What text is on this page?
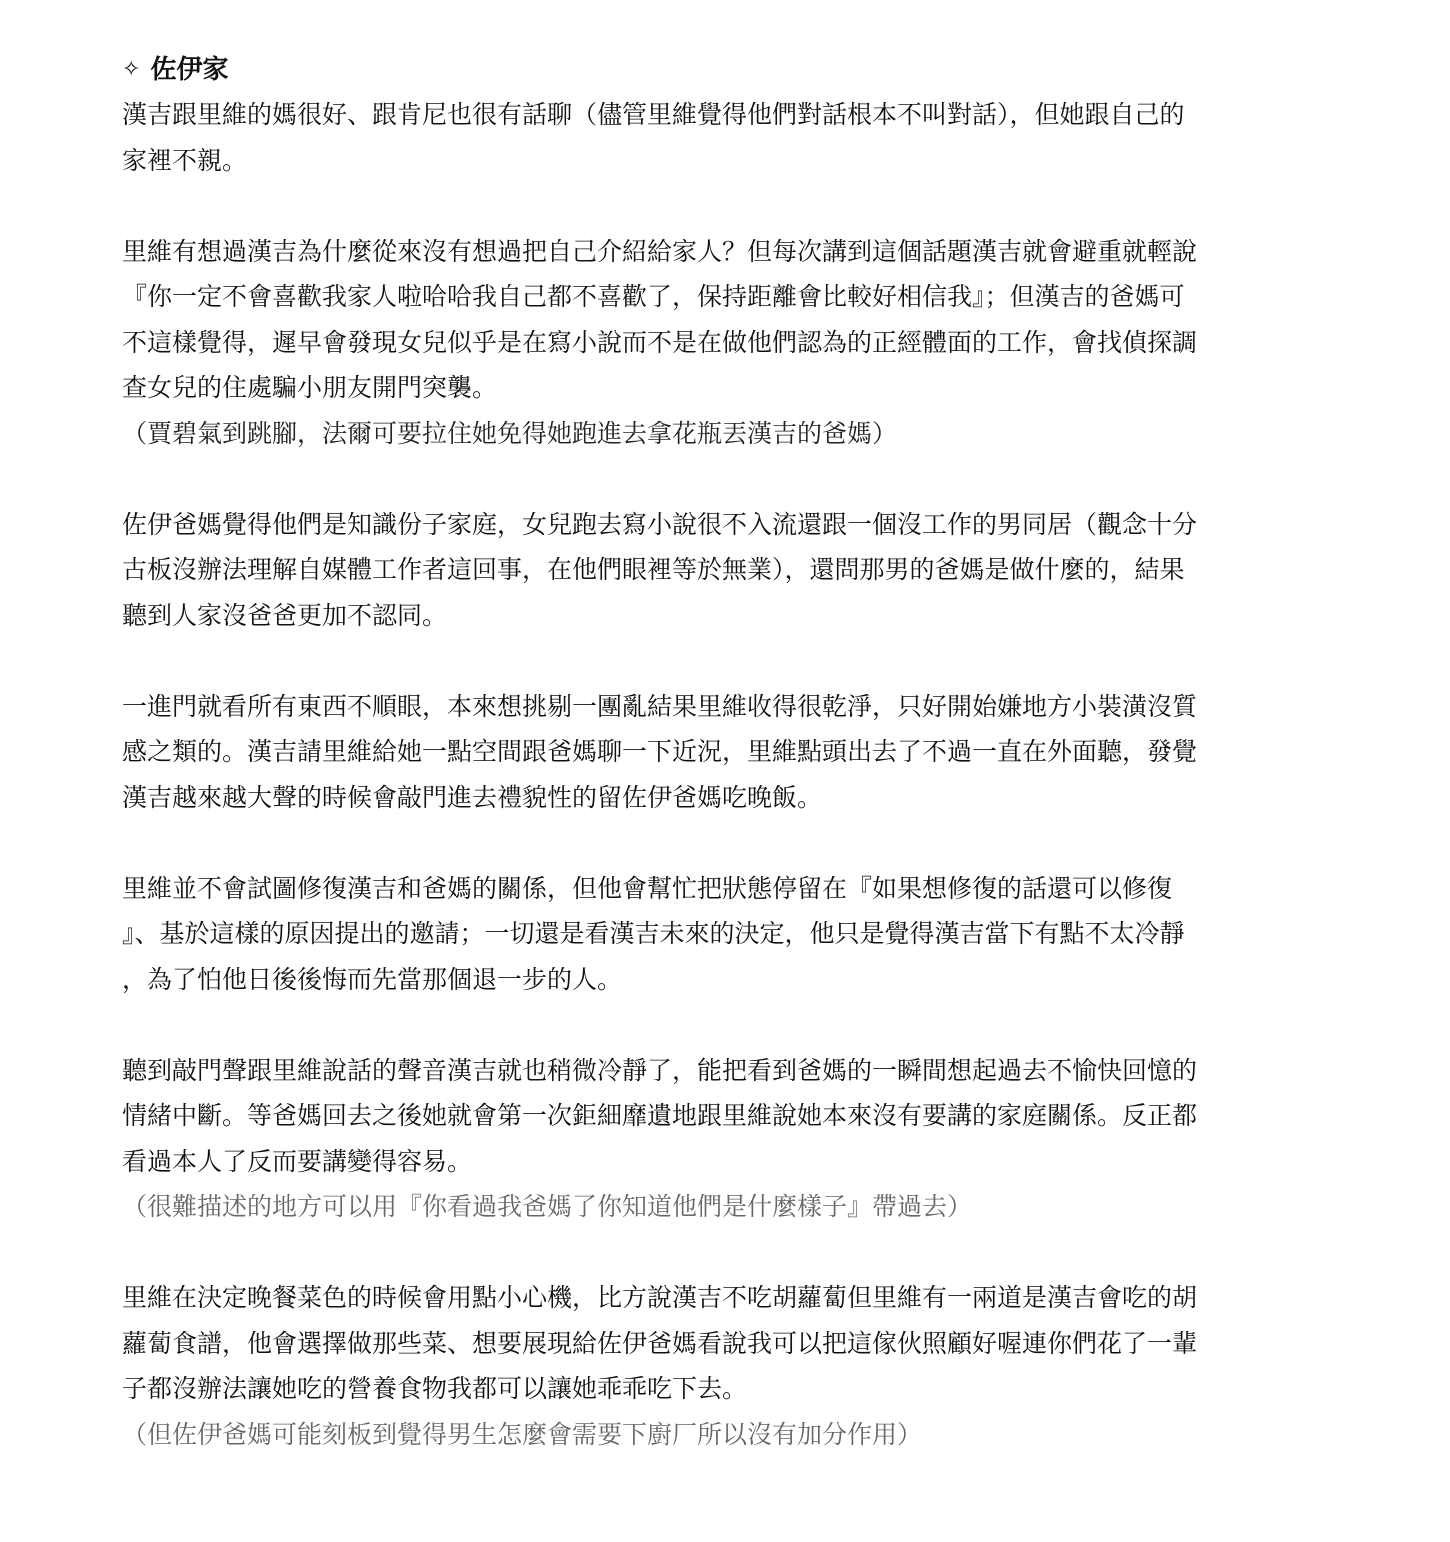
✧ 佐伊家

漢吉跟里維的媽很好、跟肯尼也很有話聊（儘管里維覺得他們對話根本不叫對話），但她跟自己的
家裡不親。

里維有想過漢吉為什麼從來沒有想過把自己介紹給家人？但每次講到這個話題漢吉就會避重就輕說
『你一定不會喜歡我家人啦哈哈我自己都不喜歡了，保持距離會比較好相信我』；但漢吉的爸媽可
不這樣覺得，遲早會發現女兒似乎是在寫小說而不是在做他們認為的正經體面的工作，會找偵探調
查女兒的住處騙小朋友開門突襲。
（賈碧氣到跳腳，法爾可要拉住她免得她跑進去拿花瓶丟漢吉的爸媽）

佐伊爸媽覺得他們是知識份子家庭，女兒跑去寫小說很不入流還跟一個沒工作的男同居（觀念十分
古板沒辦法理解自媒體工作者這回事，在他們眼裡等於無業），還問那男的爸媽是做什麼的，結果
聽到人家沒爸爸更加不認同。

一進門就看所有東西不順眼，本來想挑剔一團亂結果里維收得很乾淨，只好開始嫌地方小裝潢沒質
感之類的。漢吉請里維給她一點空間跟爸媽聊一下近況，里維點頭出去了不過一直在外面聽，發覺
漢吉越來越大聲的時候會敲門進去禮貌性的留佐伊爸媽吃晚飯。

里維並不會試圖修復漢吉和爸媽的關係，但他會幫忙把狀態停留在『如果想修復的話還可以修復
』、基於這樣的原因提出的邀請；一切還是看漢吉未來的決定，他只是覺得漢吉當下有點不太冷靜
，為了怕他日後後悔而先當那個退一步的人。

聽到敲門聲跟里維說話的聲音漢吉就也稍微冷靜了，能把看到爸媽的一瞬間想起過去不愉快回憶的
情緒中斷。等爸媽回去之後她就會第一次鉅細靡遺地跟里維說她本來沒有要講的家庭關係。反正都
看過本人了反而要講變得容易。
（很難描述的地方可以用『你看過我爸媽了你知道他們是什麼樣子』帶過去）

里維在決定晚餐菜色的時候會用點小心機，比方說漢吉不吃胡蘿蔔但里維有一兩道是漢吉會吃的胡
蘿蔔食譜，他會選擇做那些菜、想要展現給佐伊爸媽看說我可以把這傢伙照顧好喔連你們花了一輩
子都沒辦法讓她吃的營養食物我都可以讓她乖乖吃下去。
（但佐伊爸媽可能刻板到覺得男生怎麼會需要下廚厂所以沒有加分作用）
